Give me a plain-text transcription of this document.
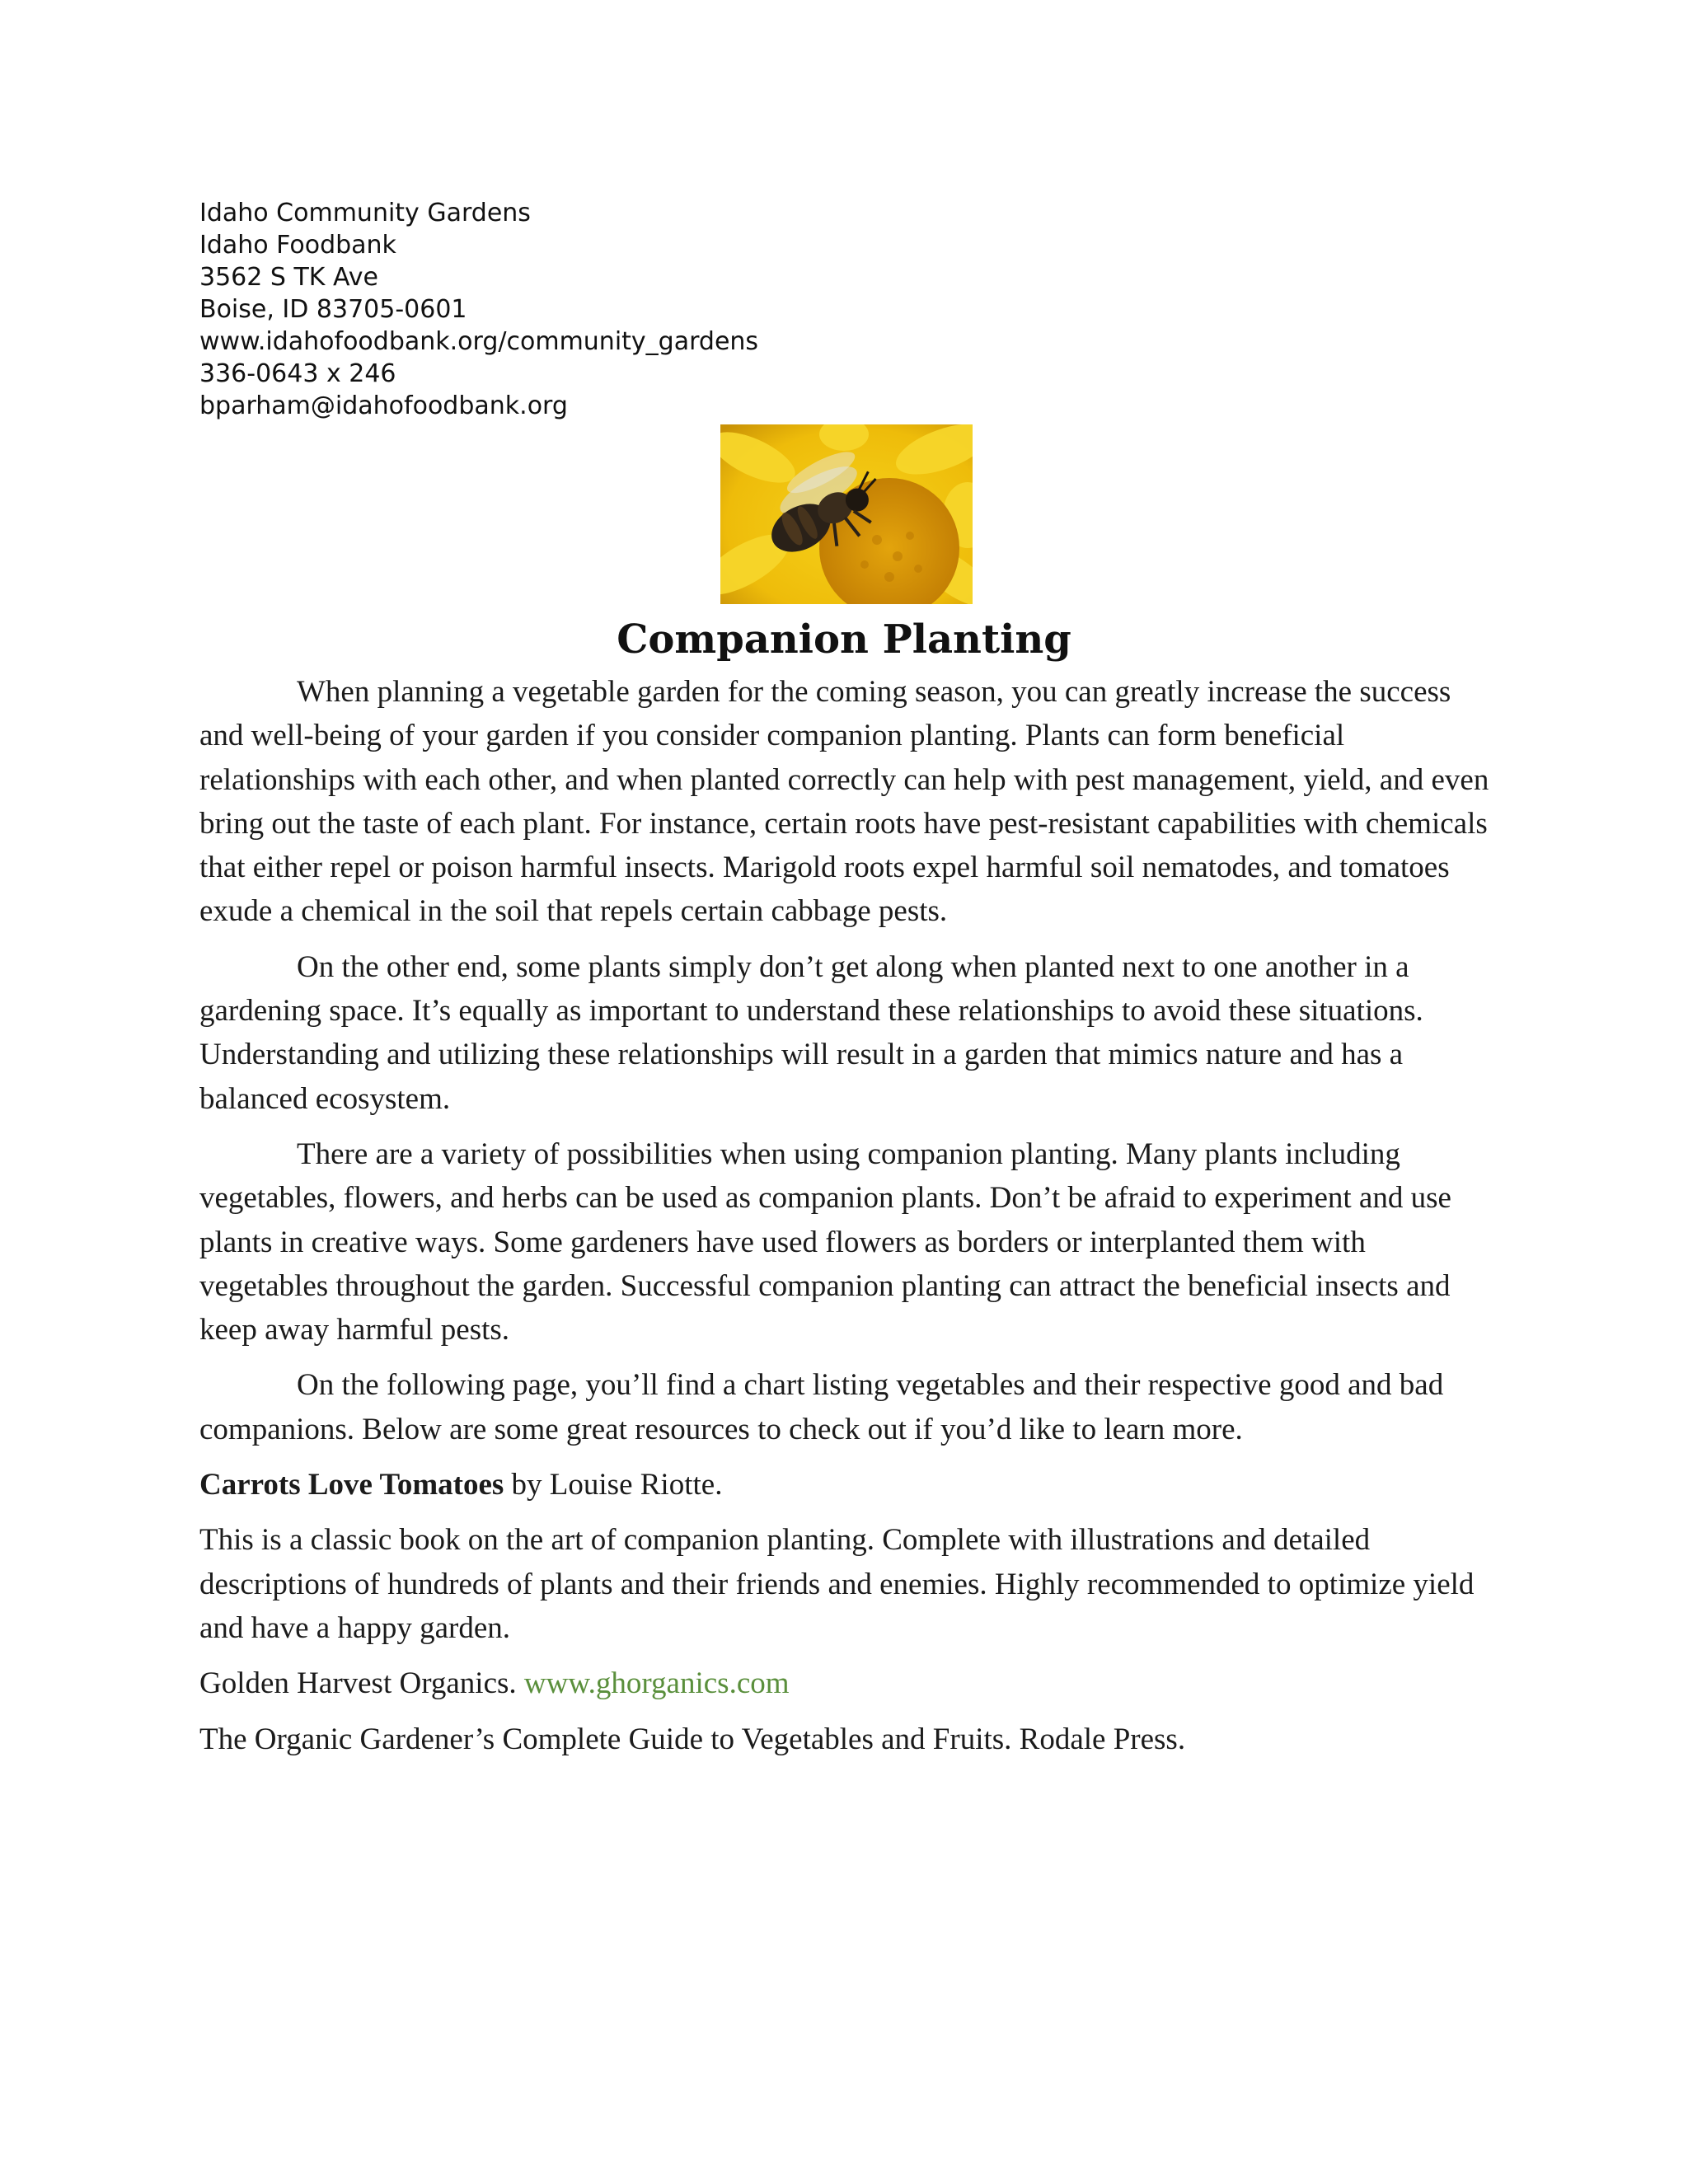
Idaho Community Gardens
Idaho Foodbank
3562 S TK Ave
Boise, ID 83705-0601
www.idahofoodbank.org/community_gardens
336-0643 x 246
bparham@idahofoodbank.org
Companion Planting

When planning a vegetable garden for the coming season, you can greatly increase the success and well-being of your garden if you consider companion planting. Plants can form beneficial relationships with each other, and when planted correctly can help with pest management, yield, and even bring out the taste of each plant. For instance, certain roots have pest-resistant capabilities with chemicals that either repel or poison harmful insects. Marigold roots expel harmful soil nematodes, and tomatoes exude a chemical in the soil that repels certain cabbage pests.

On the other end, some plants simply don’t get along when planted next to one another in a gardening space. It’s equally as important to understand these relationships to avoid these situations. Understanding and utilizing these relationships will result in a garden that mimics nature and has a balanced ecosystem.

There are a variety of possibilities when using companion planting. Many plants including vegetables, flowers, and herbs can be used as companion plants. Don’t be afraid to experiment and use plants in creative ways. Some gardeners have used flowers as borders or interplanted them with vegetables throughout the garden. Successful companion planting can attract the beneficial insects and keep away harmful pests.

On the following page, you’ll find a chart listing vegetables and their respective good and bad companions. Below are some great resources to check out if you’d like to learn more.

Carrots Love Tomatoes by Louise Riotte.

This is a classic book on the art of companion planting. Complete with illustrations and detailed descriptions of hundreds of plants and their friends and enemies. Highly recommended to optimize yield and have a happy garden.

Golden Harvest Organics. www.ghorganics.com

The Organic Gardener’s Complete Guide to Vegetables and Fruits. Rodale Press.
